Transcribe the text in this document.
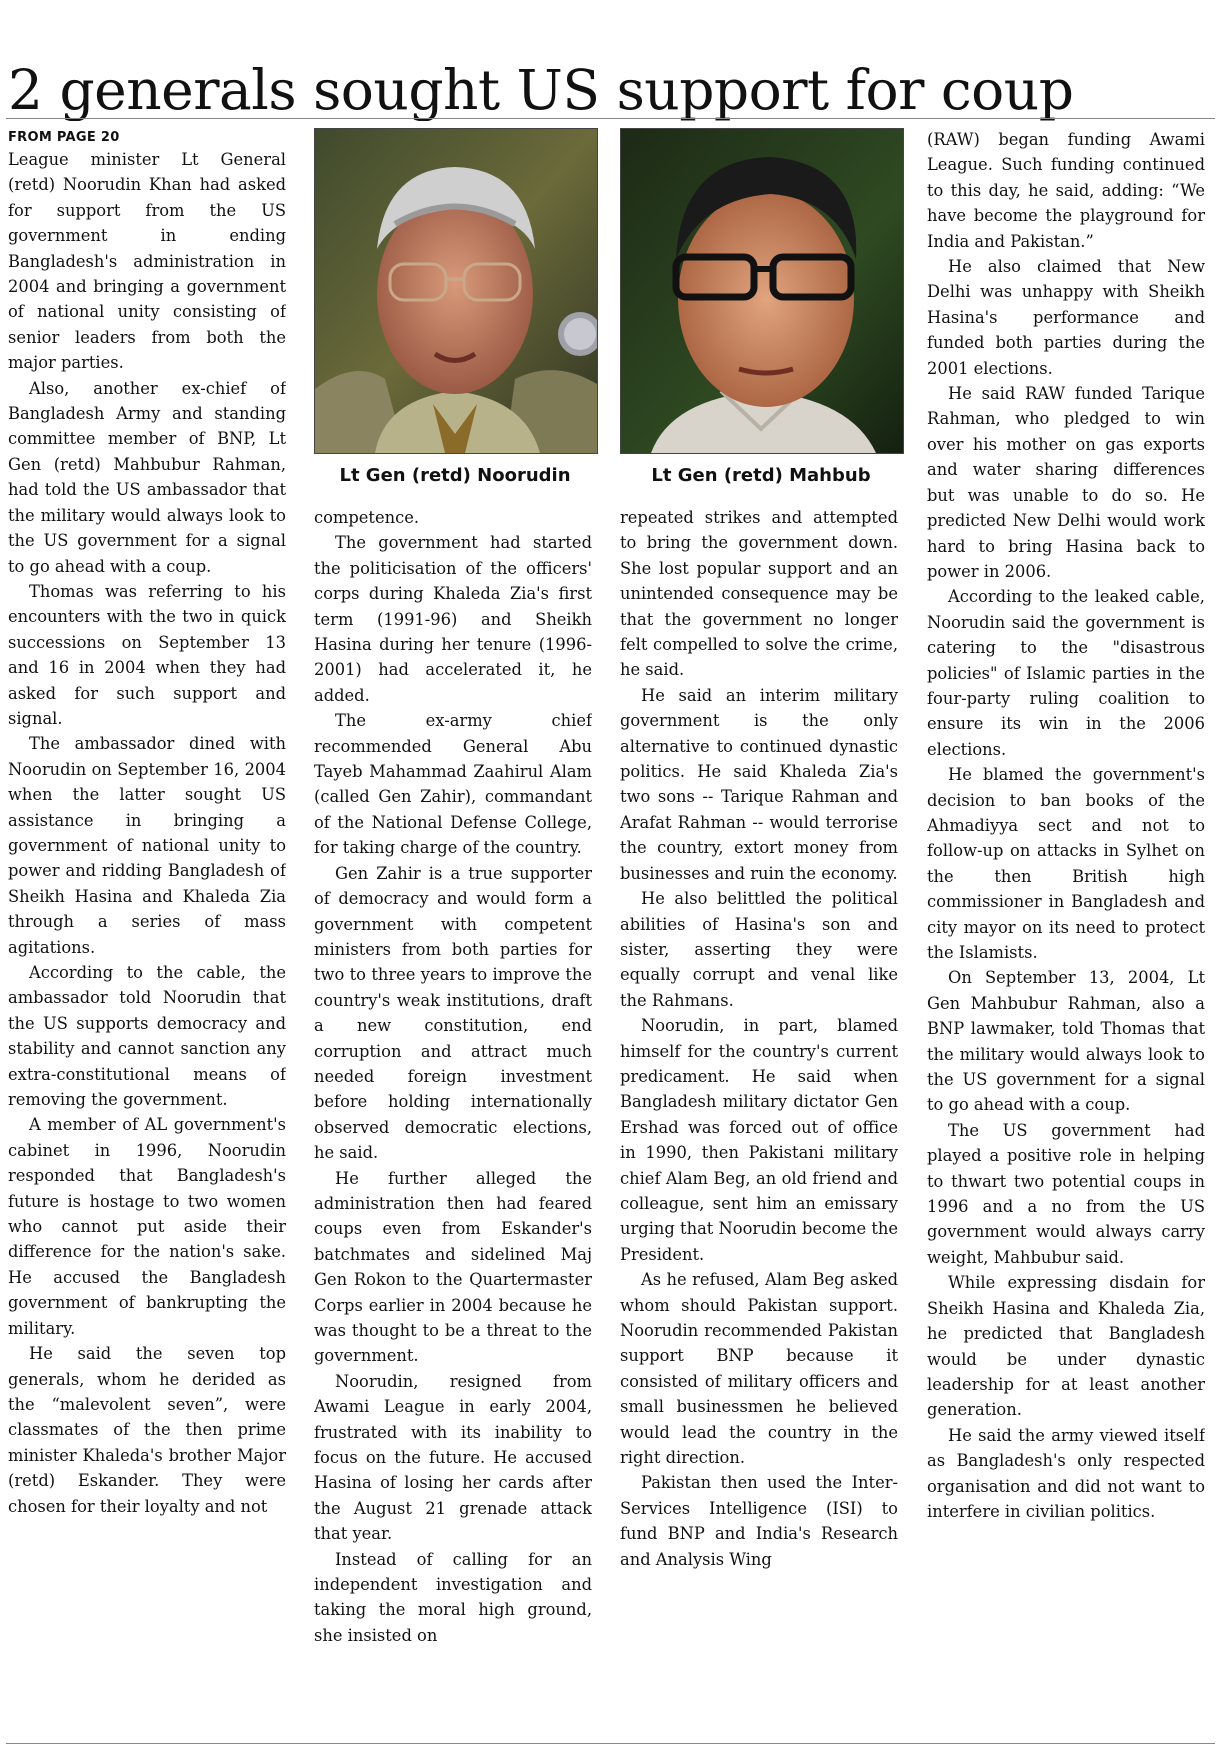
2 generals sought US support for coup
FROM PAGE 20

League minister Lt General (retd) Noorudin Khan had asked for support from the US government in ending Bangladesh's administration in 2004 and bringing a government of national unity consisting of senior leaders from both the major parties.

Also, another ex-chief of Bangladesh Army and standing committee member of BNP, Lt Gen (retd) Mahbubur Rahman, had told the US ambassador that the military would always look to the US government for a signal to go ahead with a coup.

Thomas was referring to his encounters with the two in quick successions on September 13 and 16 in 2004 when they had asked for such support and signal.

The ambassador dined with Noorudin on September 16, 2004 when the latter sought US assistance in bringing a government of national unity to power and ridding Bangladesh of Sheikh Hasina and Khaleda Zia through a series of mass agitations.

According to the cable, the ambassador told Noorudin that the US supports democracy and stability and cannot sanction any extra-constitutional means of removing the government.

A member of AL government's cabinet in 1996, Noorudin responded that Bangladesh's future is hostage to two women who cannot put aside their difference for the nation's sake. He accused the Bangladesh government of bankrupting the military.

He said the seven top generals, whom he derided as the “malevolent seven”, were classmates of the then prime minister Khaleda's brother Major (retd) Eskander. They were chosen for their loyalty and not

Lt Gen (retd) Noorudin	Lt Gen (retd) Mahbub

competence.

The government had started the politicisation of the officers' corps during Khaleda Zia's first term (1991-96) and Sheikh Hasina during her tenure (1996-2001) had accelerated it, he added.

The ex-army chief recommended General Abu Tayeb Mahammad Zaahirul Alam (called Gen Zahir), commandant of the National Defense College, for taking charge of the country.

Gen Zahir is a true supporter of democracy and would form a government with competent ministers from both parties for two to three years to improve the country's weak institutions, draft a new constitution, end corruption and attract much needed foreign investment before holding internationally observed democratic elections, he said.

He further alleged the administration then had feared coups even from Eskander's batchmates and sidelined Maj Gen Rokon to the Quartermaster Corps earlier in 2004 because he was thought to be a threat to the government.

Noorudin, resigned from Awami League in early 2004, frustrated with its inability to focus on the future. He accused Hasina of losing her cards after the August 21 grenade attack that year.

Instead of calling for an independent investigation and taking the moral high ground, she insisted on

repeated strikes and attempted to bring the government down. She lost popular support and an unintended consequence may be that the government no longer felt compelled to solve the crime, he said.

He said an interim military government is the only alternative to continued dynastic politics. He said Khaleda Zia's two sons -- Tarique Rahman and Arafat Rahman -- would terrorise the country, extort money from businesses and ruin the economy.

He also belittled the political abilities of Hasina's son and sister, asserting they were equally corrupt and venal like the Rahmans.

Noorudin, in part, blamed himself for the country's current predicament. He said when Bangladesh military dictator Gen Ershad was forced out of office in 1990, then Pakistani military chief Alam Beg, an old friend and colleague, sent him an emissary urging that Noorudin become the President.

As he refused, Alam Beg asked whom should Pakistan support. Noorudin recommended Pakistan support BNP because it consisted of military officers and small businessmen he believed would lead the country in the right direction.

Pakistan then used the Inter-Services Intelligence (ISI) to fund BNP and India's Research and Analysis Wing

(RAW) began funding Awami League. Such funding continued to this day, he said, adding: “We have become the playground for India and Pakistan.”

He also claimed that New Delhi was unhappy with Sheikh Hasina's performance and funded both parties during the 2001 elections.

He said RAW funded Tarique Rahman, who pledged to win over his mother on gas exports and water sharing differences but was unable to do so. He predicted New Delhi would work hard to bring Hasina back to power in 2006.

According to the leaked cable, Noorudin said the government is catering to the "disastrous policies" of Islamic parties in the four-party ruling coalition to ensure its win in the 2006 elections.

He blamed the government's decision to ban books of the Ahmadiyya sect and not to follow-up on attacks in Sylhet on the then British high commissioner in Bangladesh and city mayor on its need to protect the Islamists.

On September 13, 2004, Lt Gen Mahbubur Rahman, also a BNP lawmaker, told Thomas that the military would always look to the US government for a signal to go ahead with a coup.

The US government had played a positive role in helping to thwart two potential coups in 1996 and a no from the US government would always carry weight, Mahbubur said.

While expressing disdain for Sheikh Hasina and Khaleda Zia, he predicted that Bangladesh would be under dynastic leadership for at least another generation.

He said the army viewed itself as Bangladesh's only respected organisation and did not want to interfere in civilian politics.
